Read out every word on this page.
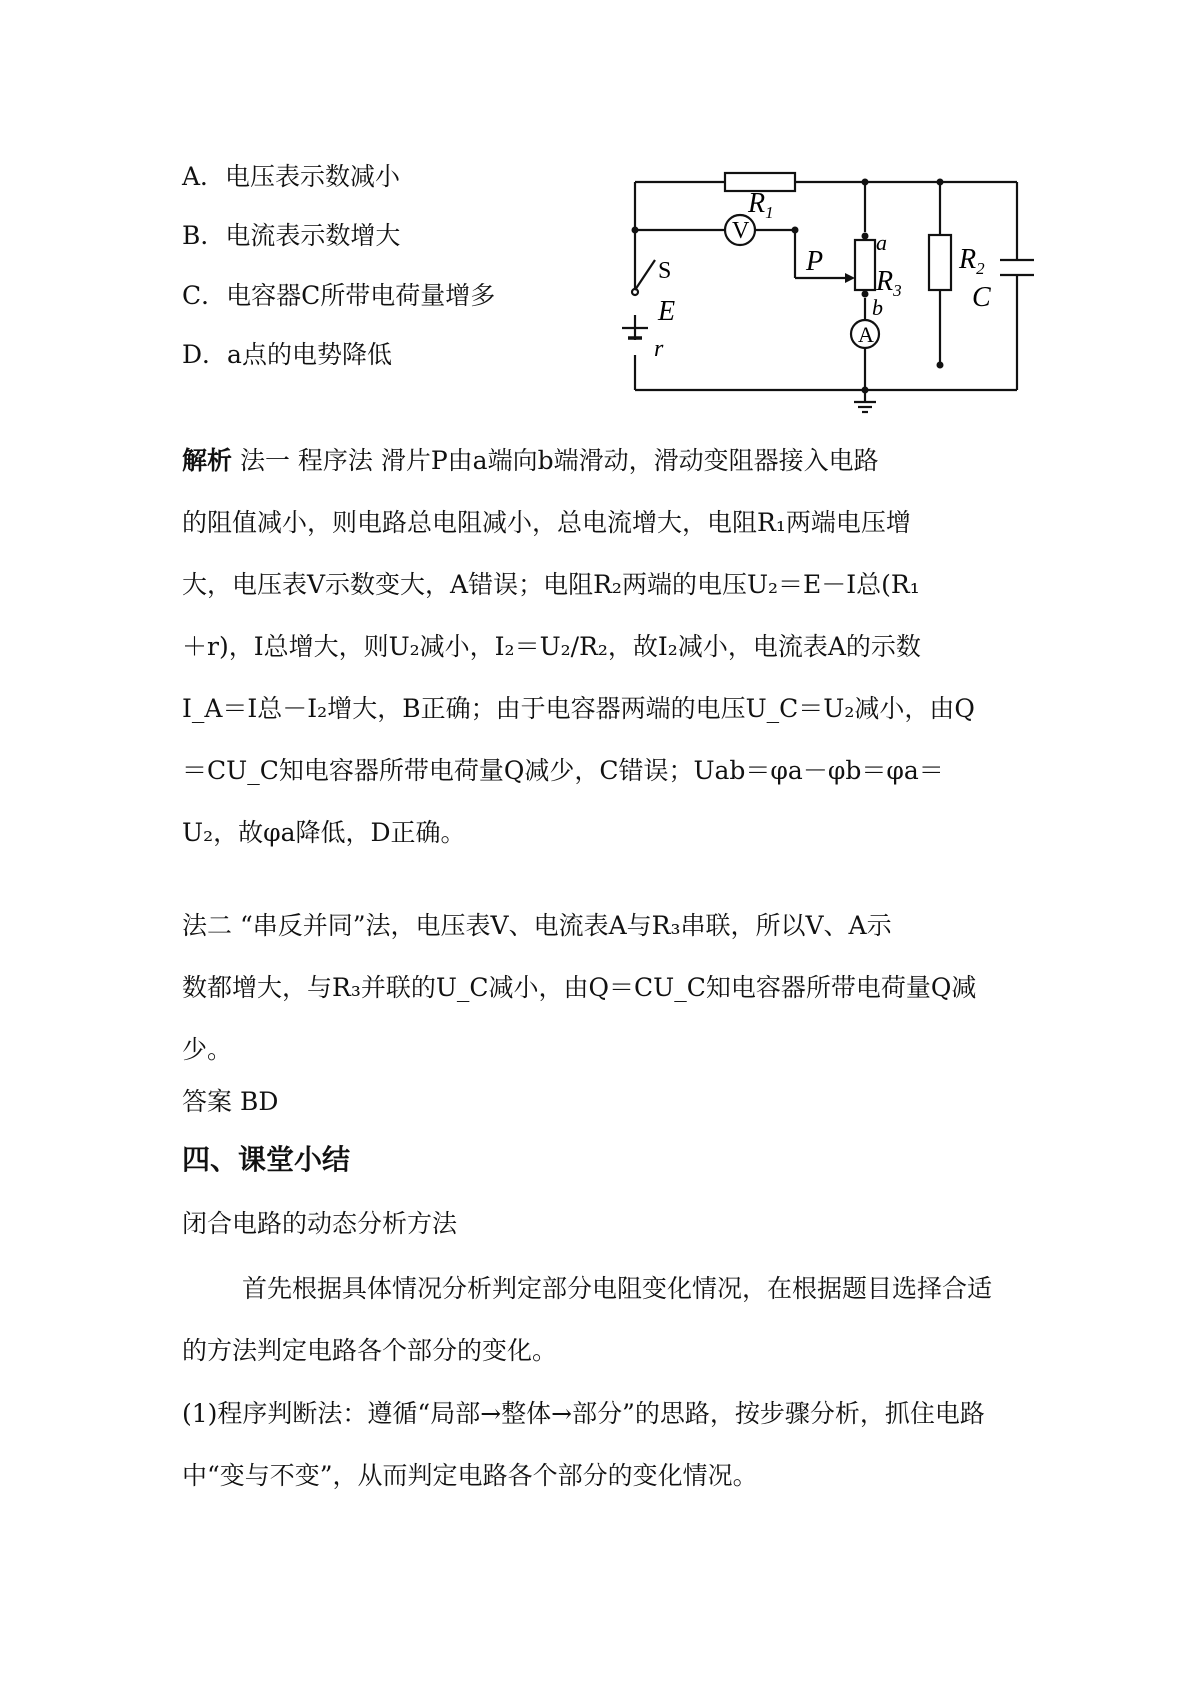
A．电压表示数减小
B．电流表示数增大
C．电容器C所带电荷量增多
D．a点的电势降低
$R_1$
V
P
a
$R_3$
b
A
$R_2$
C
S
E
r
解析 法一 程序法 滑片P由a端向b端滑动，滑动变阻器接入电路
的阻值减小，则电路总电阻减小，总电流增大，电阻R₁两端电压增
大，电压表V示数变大，A错误；电阻R₂两端的电压U₂＝E－I总(R₁
＋r)，I总增大，则U₂减小，I₂＝U₂/R₂，故I₂减小，电流表A的示数
I_A＝I总－I₂增大，B正确；由于电容器两端的电压U_C＝U₂减小，由Q
＝CU_C知电容器所带电荷量Q减少，C错误；Uab＝φa－φb＝φa＝
U₂，故φa降低，D正确。
法二 “串反并同”法，电压表V、电流表A与R₃串联，所以V、A示
数都增大，与R₃并联的U_C减小，由Q＝CU_C知电容器所带电荷量Q减
少。
答案 BD
四、课堂小结
闭合电路的动态分析方法
首先根据具体情况分析判定部分电阻变化情况，在根据题目选择合适的方法判定电路各个部分的变化。
(1)程序判断法：遵循“局部→整体→部分”的思路，按步骤分析，抓住电路中“变与不变”，从而判定电路各个部分的变化情况。
